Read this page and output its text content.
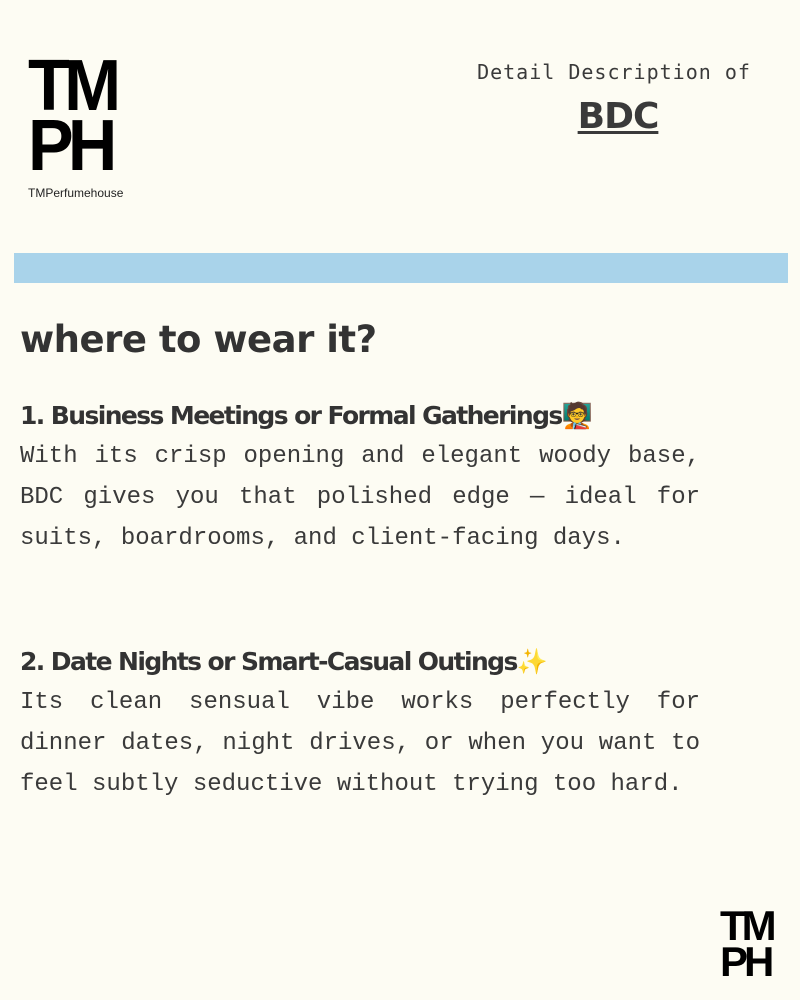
TM
PH
TMPerfumehouse
Detail Description of
BDC
where to wear it?
1. Business Meetings or Formal Gatherings🧑‍🏫
With its crisp opening and elegant woody base, BDC gives you that polished edge — ideal for suits, boardrooms, and client-facing days.
2. Date Nights or Smart-Casual Outings✨
Its clean sensual vibe works perfectly for dinner dates, night drives, or when you want to feel subtly seductive without trying too hard.
TM
PH
